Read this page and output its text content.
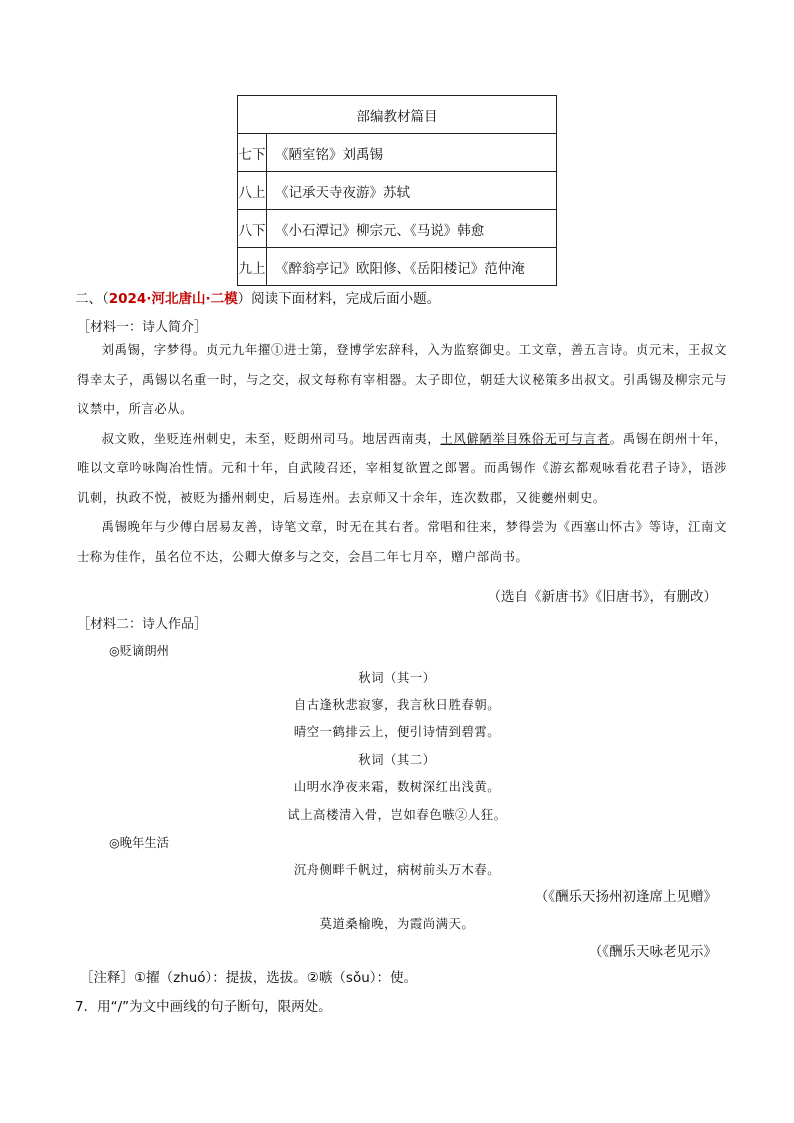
部编教材篇目	
七下	《陋室铭》刘禹锡
八上	《记承天寺夜游》苏轼
八下	《小石潭记》柳宗元、《马说》韩愈
九上	《醉翁亭记》欧阳修、《岳阳楼记》范仲淹
二、（2024·河北唐山·二模）阅读下面材料，完成后面小题。
［材料一：诗人简介］

刘禹锡，字梦得。贞元九年擢①进士第，登博学宏辞科，入为监察御史。工文章，善五言诗。贞元末，王叔文得幸太子，禹锡以名重一时，与之交，叔文每称有宰相器。太子即位，朝廷大议秘策多出叔文。引禹锡及柳宗元与议禁中，所言必从。

叔文败，坐贬连州刺史，未至，贬朗州司马。地居西南夷，土风僻陋举目殊俗无可与言者。禹锡在朗州十年，唯以文章吟咏陶冶性情。元和十年，自武陵召还，宰相复欲置之郎署。而禹锡作《游玄都观咏看花君子诗》，语涉讥刺，执政不悦，被贬为播州刺史，后易连州。去京师又十余年，连次数郡，又徙夔州刺史。

禹锡晚年与少傅白居易友善，诗笔文章，时无在其右者。常唱和往来，梦得尝为《西塞山怀古》等诗，江南文士称为佳作，虽名位不达，公卿大僚多与之交，会昌二年七月卒，赠户部尚书。

（选自《新唐书》《旧唐书》，有删改）
［材料二：诗人作品］
◎贬谪朗州
秋词（其一）
自古逢秋悲寂寥，我言秋日胜春朝。
晴空一鹤排云上，便引诗情到碧霄。
秋词（其二）
山明水净夜来霜，数树深红出浅黄。
试上高楼清入骨，岂如春色嗾②人狂。
◎晚年生活
沉舟侧畔千帆过，病树前头万木春。
（《酬乐天扬州初逢席上见赠》
莫道桑榆晚，为霞尚满天。
（《酬乐天咏老见示》
［注释］①擢（zhuó）：提拔，选拔。②嗾（sǒu）：使。
7．用“/”为文中画线的句子断句，限两处。
